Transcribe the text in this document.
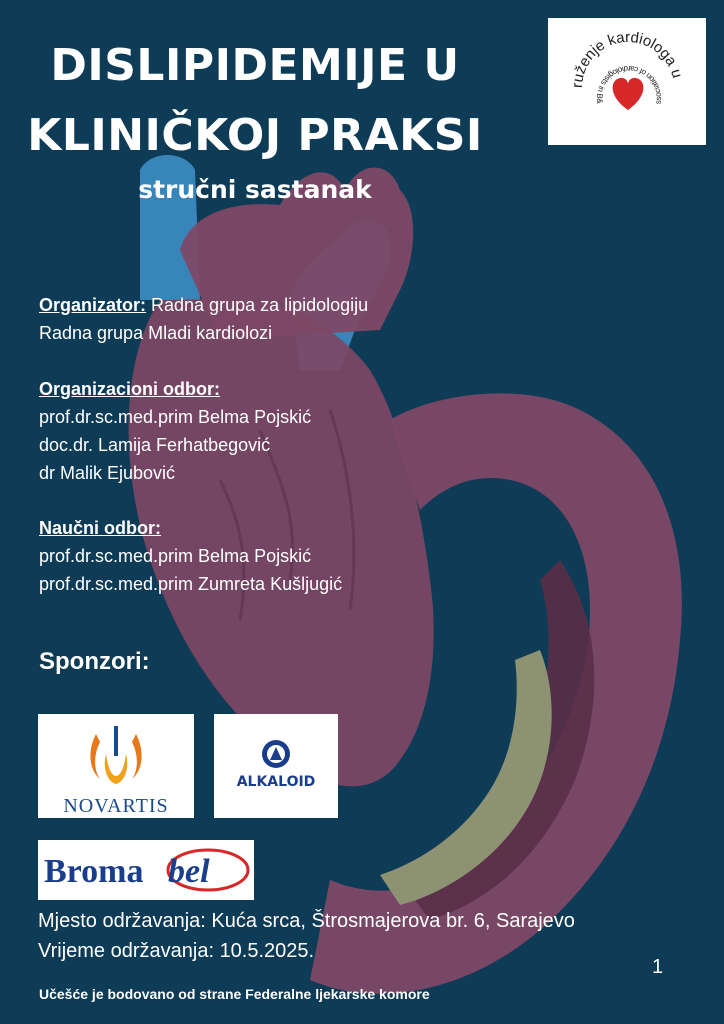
DISLIPIDEMIJE U
KLINIČKOJ PRAKSI
stručni sastanak
ruženje kardiologa u
ssociation of cardiologists in B&
Organizator: Radna grupa za lipidologiju
Radna grupa Mladi kardiolozi
Organizacioni odbor:
prof.dr.sc.med.prim Belma Pojskić
doc.dr. Lamija Ferhatbegović
dr Malik Ejubović
Naučni odbor:
prof.dr.sc.med.prim Belma Pojskić
prof.dr.sc.med.prim Zumreta Kušljugić
Sponzori:
NOVARTIS
ALKALOID
Broma bel
Mjesto održavanja: Kuća srca, Štrosmajerova br. 6, Sarajevo
Vrijeme održavanja: 10.5.2025.
1
Učešće je bodovano od strane Federalne ljekarske komore
